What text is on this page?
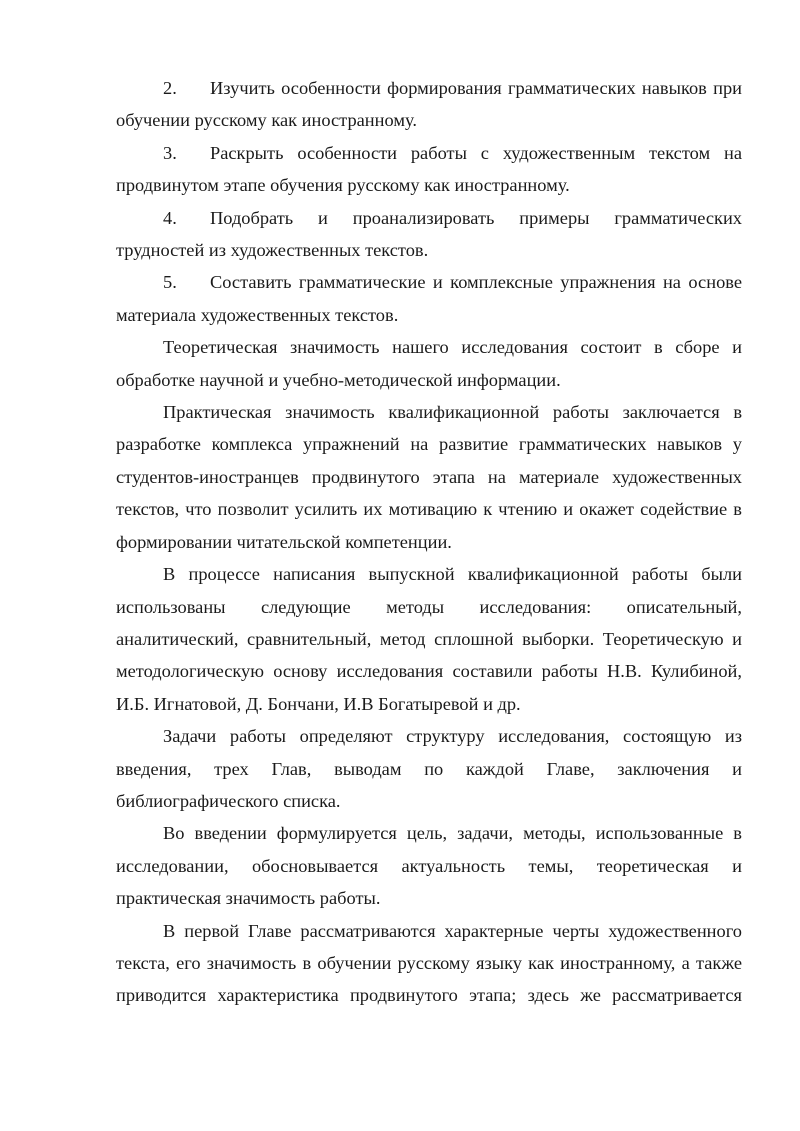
2. Изучить особенности формирования грамматических навыков при обучении русскому как иностранному.

3. Раскрыть особенности работы с художественным текстом на продвинутом этапе обучения русскому как иностранному.

4. Подобрать и проанализировать примеры грамматических трудностей из художественных текстов.

5. Составить грамматические и комплексные упражнения на основе материала художественных текстов.

Теоретическая значимость нашего исследования состоит в сборе и обработке научной и учебно-методической информации.

Практическая значимость квалификационной работы заключается в разработке комплекса упражнений на развитие грамматических навыков у студентов-иностранцев продвинутого этапа на материале художественных текстов, что позволит усилить их мотивацию к чтению и окажет содействие в формировании читательской компетенции.

В процессе написания выпускной квалификационной работы были использованы следующие методы исследования: описательный, аналитический, сравнительный, метод сплошной выборки. Теоретическую и методологическую основу исследования составили работы Н.В. Кулибиной, И.Б. Игнатовой, Д. Бончани, И.В Богатыревой и др.

Задачи работы определяют структуру исследования, состоящую из введения, трех Глав, выводам по каждой Главе, заключения и библиографического списка.

Во введении формулируется цель, задачи, методы, использованные в исследовании, обосновывается актуальность темы, теоретическая и практическая значимость работы.

В первой Главе рассматриваются характерные черты художественного текста, его значимость в обучении русскому языку как иностранному, а также приводится характеристика продвинутого этапа; здесь же рассматривается
